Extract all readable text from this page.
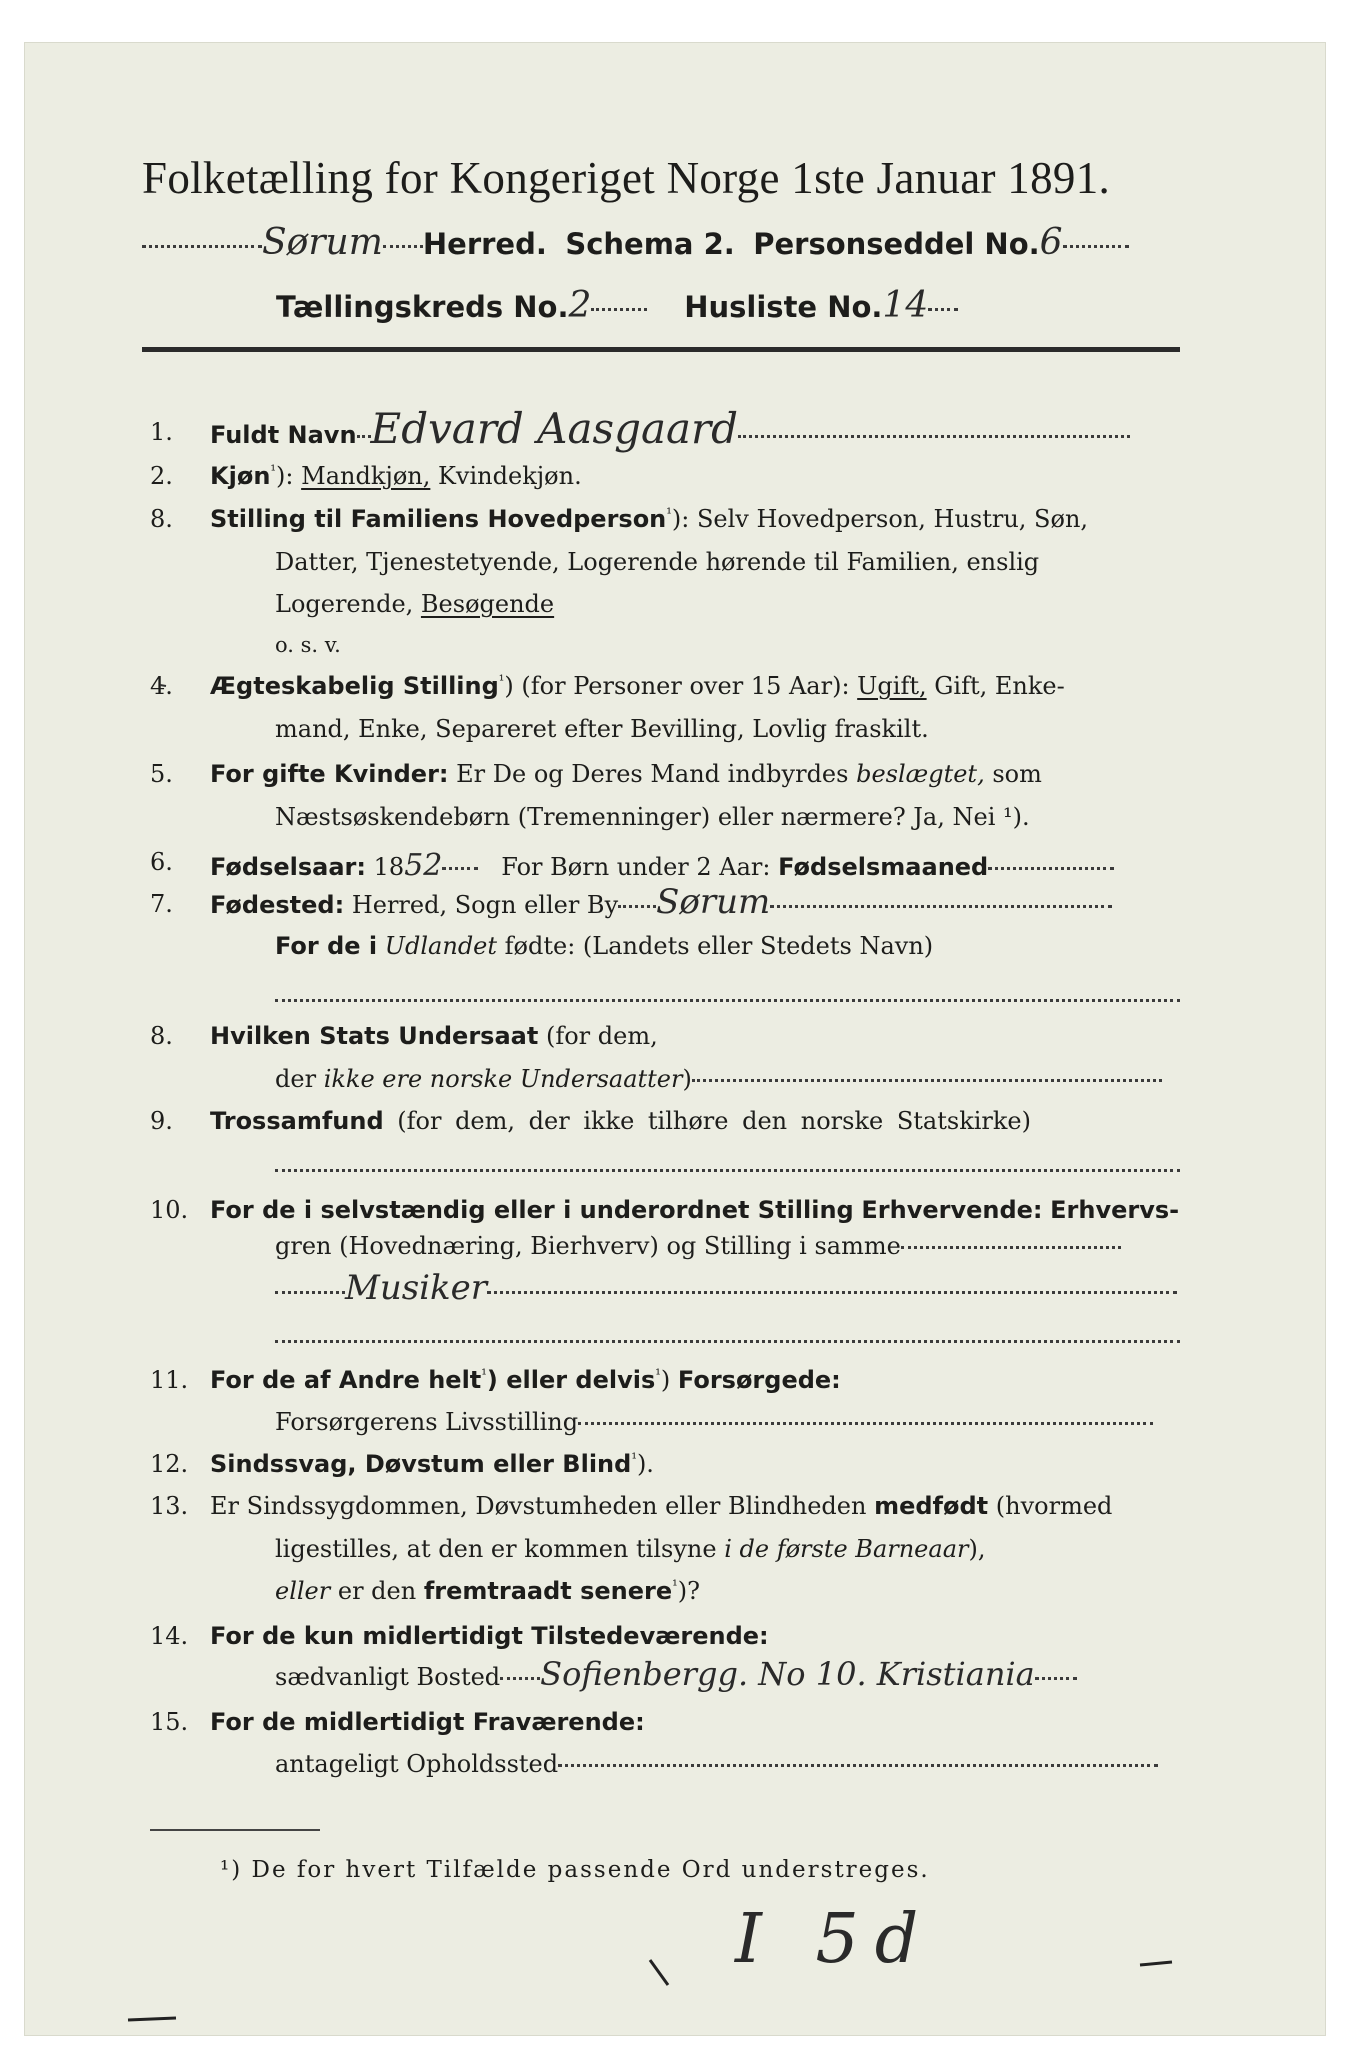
Folketælling for Kongeriget Norge 1ste Januar 1891.
Sørum Herred. Schema 2. Personseddel No.6
Tællingskreds No.2	Husliste No.14
1. Fuldt Navn Edvard Aasgaard
2. Kjøn$^{^1}$): Mandkjøn, Kvindekjøn.
8. Stilling til Familiens Hovedperson$^{^1}$): Selv Hovedperson, Hustru, Søn,
Datter, Tjenestetyende, Logerende hørende til Familien, enslig
Logerende, Besøgende
o. s. v.
4. Ægteskabelig Stilling$^{^1}$) (for Personer over 15 Aar): Ugift, Gift, Enke-
mand, Enke, Separeret efter Bevilling, Lovlig fraskilt.
5. For gifte Kvinder: Er De og Deres Mand indbyrdes beslægtet, som
Næstsøskendebørn (Tremenninger) eller nærmere? Ja, Nei ¹).
6. Fødselsaar: 1852 For Børn under 2 Aar: Fødselsmaaned
7. Fødested: Herred, Sogn eller By Sørum
For de i Udlandet fødte: (Landets eller Stedets Navn)
8. Hvilken Stats Undersaat (for dem,
der ikke ere norske Undersaatter)
9. Trossamfund (for dem, der ikke tilhøre den norske Statskirke)
10. For de i selvstændig eller i underordnet Stilling Erhvervende: Erhvervs-
gren (Hovednæring, Bierhverv) og Stilling i samme
Musiker
11. For de af Andre helt$^{^1}$) eller delvis$^{^1}$) Forsørgede:
Forsørgerens Livsstilling
12. Sindssvag, Døvstum eller Blind$^{^1}$).
13. Er Sindssygdommen, Døvstumheden eller Blindheden medfødt (hvormed
ligestilles, at den er kommen tilsyne i de første Barneaar),
eller er den fremtraadt senere$^{^1}$)?
14. For de kun midlertidigt Tilstedeværende:
sædvanligt Bosted Sofienbergg. No 10. Kristiania
15. For de midlertidigt Fraværende:
antageligt Opholdssted
¹) De for hvert Tilfælde passende Ord understreges.
I 5d
